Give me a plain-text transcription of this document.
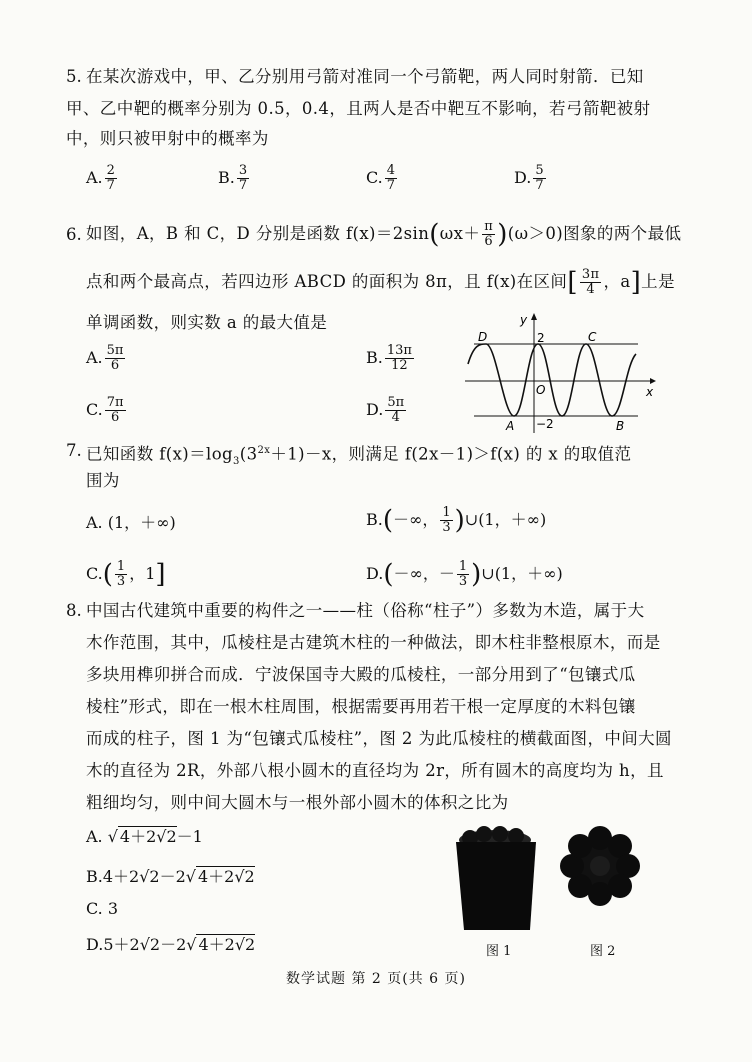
5. 在某次游戏中，甲、乙分别用弓箭对准同一个弓箭靶，两人同时射箭．已知
甲、乙中靶的概率分别为 0.5，0.4，且两人是否中靶互不影响，若弓箭靶被射
中，则只被甲射中的概率为
A. $\frac{2}{7}$	B. $\frac{3}{7}$	C. $\frac{4}{7}$	D. $\frac{5}{7}$
6. 如图，A，B 和 C，D 分别是函数 $f(x)=2\sin(\omega x+ \frac{\pi}{6} )(\omega>0)$图象的两个最低
点和两个最高点，若四边形 ABCD 的面积为 8π，且 f(x)在区间[ $\frac{3\pi}{4}$ ，a]上是
单调函数，则实数 a 的最大值是
A. $\frac{5\pi}{6}$	B. $\frac{13\pi}{12}$
C. $\frac{7\pi}{6}$	D. $\frac{5\pi}{4}$
D	C
A	B
O
y
x
2
−2
7. 已知函数 $f(x)=\log_3(3^{2x}+1)-x$，则满足 f(2x－1)＞f(x) 的 x 的取值范
围为
A. (1，＋∞)	B.(－∞， $\frac{1}{3}$ )∪(1，＋∞)
$C.( \frac{1}{3}$ ，1]	D.(－∞，－ $\frac{1}{3}$ )∪(1，＋∞)
8. 中国古代建筑中重要的构件之一——柱（俗称“柱子”）多数为木造，属于大
木作范围，其中，瓜棱柱是古建筑木柱的一种做法，即木柱非整根原木，而是
多块用榫卯拼合而成．宁波保国寺大殿的瓜棱柱，一部分用到了“包镶式瓜
棱柱”形式，即在一根木柱周围，根据需要再用若干根一定厚度的木料包镶
而成的柱子，图 1 为“包镶式瓜棱柱”，图 2 为此瓜棱柱的横截面图，中间大圆
木的直径为 2R，外部八根小圆木的直径均为 2r，所有圆木的高度均为 h，且
粗细均匀，则中间大圆木与一根外部小圆木的体积之比为
A. √ 4＋2√2－1
B.4＋2√2－2√ 4＋2√2
C. 3
D.5＋2√2－2√ 4＋2√2	图 1	图 2
数学试题 第 2 页(共 6 页)
